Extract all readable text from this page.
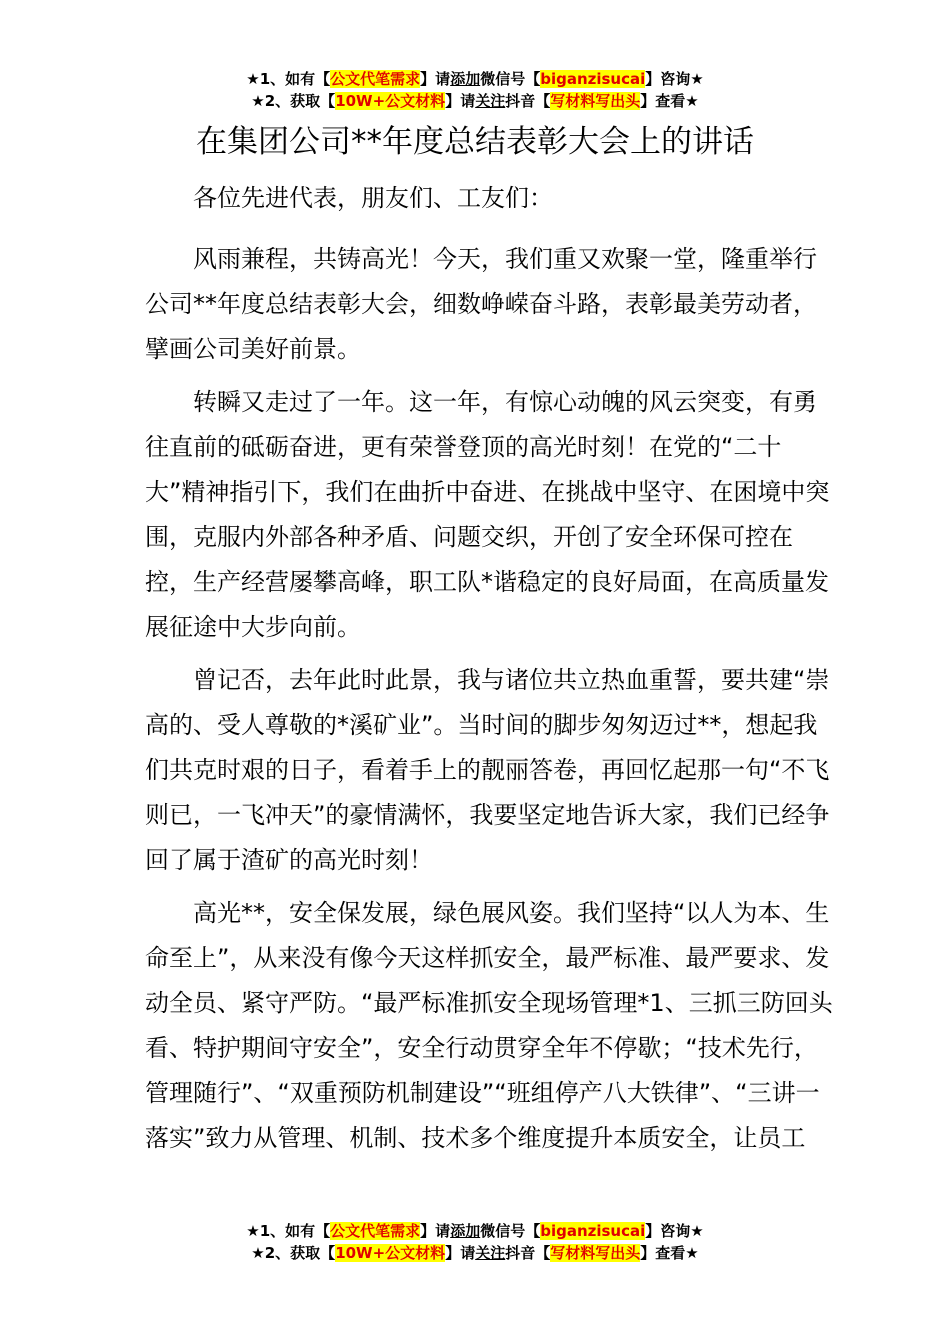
★1、如有【公文代笔需求】请添加微信号【biganzisucai】咨询★
★2、获取【10W+公文材料】请关注抖音【写材料写出头】查看★
在集团公司**年度总结表彰大会上的讲话

各位先进代表，朋友们、工友们：

风雨兼程，共铸高光！今天，我们重又欢聚一堂，隆重举行公司**年度总结表彰大会，细数峥嵘奋斗路，表彰最美劳动者，擘画公司美好前景。

转瞬又走过了一年。这一年，有惊心动魄的风云突变，有勇往直前的砥砺奋进，更有荣誉登顶的高光时刻！在党的“二十大”精神指引下，我们在曲折中奋进、在挑战中坚守、在困境中突围，克服内外部各种矛盾、问题交织，开创了安全环保可控在控，生产经营屡攀高峰，职工队*谐稳定的良好局面，在高质量发展征途中大步向前。

曾记否，去年此时此景，我与诸位共立热血重誓，要共建“崇高的、受人尊敬的*溪矿业”。当时间的脚步匆匆迈过**，想起我们共克时艰的日子，看着手上的靓丽答卷，再回忆起那一句“不飞则已，一飞冲天”的豪情满怀，我要坚定地告诉大家，我们已经争回了属于渣矿的高光时刻！

高光**，安全保发展，绿色展风姿。我们坚持“以人为本、生命至上”，从来没有像今天这样抓安全，最严标准、最严要求、发动全员、紧守严防。“最严标准抓安全现场管理*1、三抓三防回头看、特护期间守安全”，安全行动贯穿全年不停歇；“技术先行，管理随行”、“双重预防机制建设”“班组停产八大铁律”、“三讲一落实”致力从管理、机制、技术多个维度提升本质安全，让员工

★1、如有【公文代笔需求】请添加微信号【biganzisucai】咨询★
★2、获取【10W+公文材料】请关注抖音【写材料写出头】查看★
